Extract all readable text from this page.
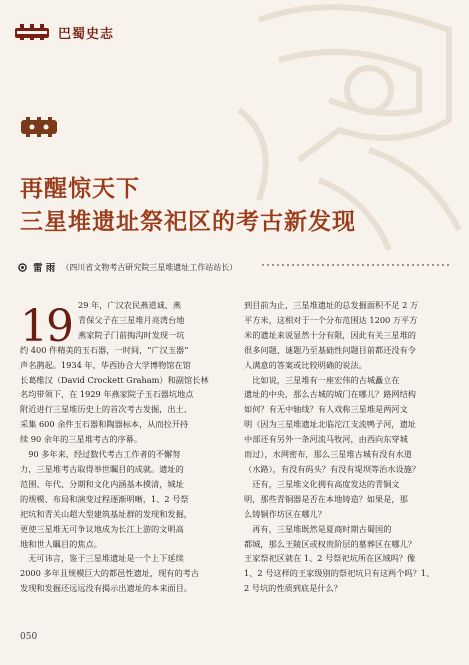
巴蜀史志
再醒惊天下
三星堆遗址祭祀区的考古新发现
雷 雨 （四川省文物考古研究院三星堆遗址工作站站长）
19 29 年，广汉农民燕道诚、燕

青保父子在三星堆月亮湾台地

燕家院子门前掏沟时发现一坑

约 400 件精美的玉石器，一时间，“广汉玉器”

声名鹊起。1934 年，华西协合大学博物馆在馆

长葛维汉（David Crockett Graham）和副馆长林

名均带领下，在 1929 年燕家院子玉石器坑地点

附近进行三星堆历史上的首次考古发掘，出土、

采集 600 余件玉石器和陶器标本，从而拉开持

续 90 余年的三星堆考古的序幕。

　90 多年来，经过数代考古工作者的不懈努

力，三星堆考古取得举世瞩目的成就。遗址的

范围、年代、分期和文化内涵基本摸清，城址

的规模、布局和演变过程逐渐明晰，1、2 号祭

祀坑和青关山超大型建筑基址群的发现和发掘，

更使三星堆无可争议地成为长江上游的文明高

地和世人瞩目的焦点。

　无可讳言，鉴于三星堆遗址是一个上下延续

2000 多年且规模巨大的都邑性遗址，现有的考古

发现和发掘还远远没有揭示出遗址的本来面目。

到目前为止，三星堆遗址的总发掘面积不足 2 万

平方米，这相对于一个分布范围达 1200 万平方

米的遗址来说显然十分有限，因此有关三星堆的

很多问题、谜题乃至基础性问题目前都还没有令

人满意的答案或比较明确的说法。

　比如说，三星堆有一座宏伟的古城矗立在

遗址的中央，那么古城的城门在哪儿？路网结构

如何？有无中轴线？有人戏称三星堆是两河文

明（因为三星堆遗址北临沱江支流鸭子河，遗址

中部还有另外一条河流马牧河，由西向东穿城

而过），水网密布，那么三星堆古城有没有水道

（水路），有没有码头？有没有堤坝等治水设施？

　还有，三星堆文化拥有高度发达的青铜文

明，那些青铜器是否在本地铸造？如果是，那

么铸铜作坊区在哪儿？

　再有，三星堆既然是夏商时期古蜀国的

都城，那么王陵区或权贵阶层的墓葬区在哪儿？

王家祭祀区就在 1、2 号祭祀坑所在区域吗？像

1、2 号这样的王家级别的祭祀坑只有这两个吗？1、

2 号坑的性质到底是什么？

050
